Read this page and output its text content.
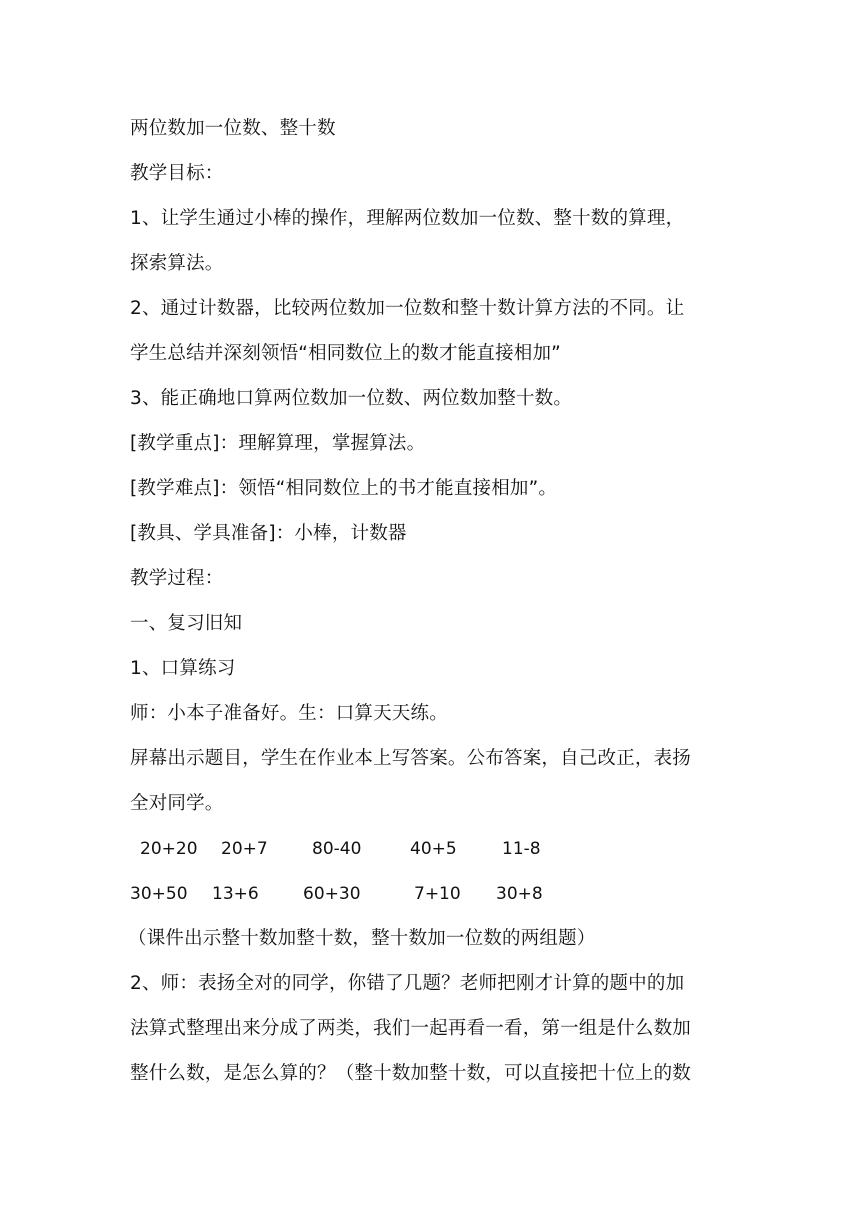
两位数加一位数、整十数
教学目标：
1、让学生通过小棒的操作，理解两位数加一位数、整十数的算理，
探索算法。
2、通过计数器，比较两位数加一位数和整十数计算方法的不同。让
学生总结并深刻领悟“相同数位上的数才能直接相加”
3、能正确地口算两位数加一位数、两位数加整十数。
[教学重点]：理解算理，掌握算法。
[教学难点]：领悟“相同数位上的书才能直接相加”。
[教具、学具准备]：小棒，计数器
教学过程：
一、复习旧知
1、口算练习
师：小本子准备好。生：口算天天练。
屏幕出示题目，学生在作业本上写答案。公布答案，自己改正，表扬
全对同学。
20+20 20+7	80-40	40+5	11-8
30+50 13+6	60+30	7+10 30+8
（课件出示整十数加整十数，整十数加一位数的两组题）
2、师：表扬全对的同学，你错了几题？老师把刚才计算的题中的加
法算式整理出来分成了两类，我们一起再看一看，第一组是什么数加
整什么数，是怎么算的？（整十数加整十数，可以直接把十位上的数
